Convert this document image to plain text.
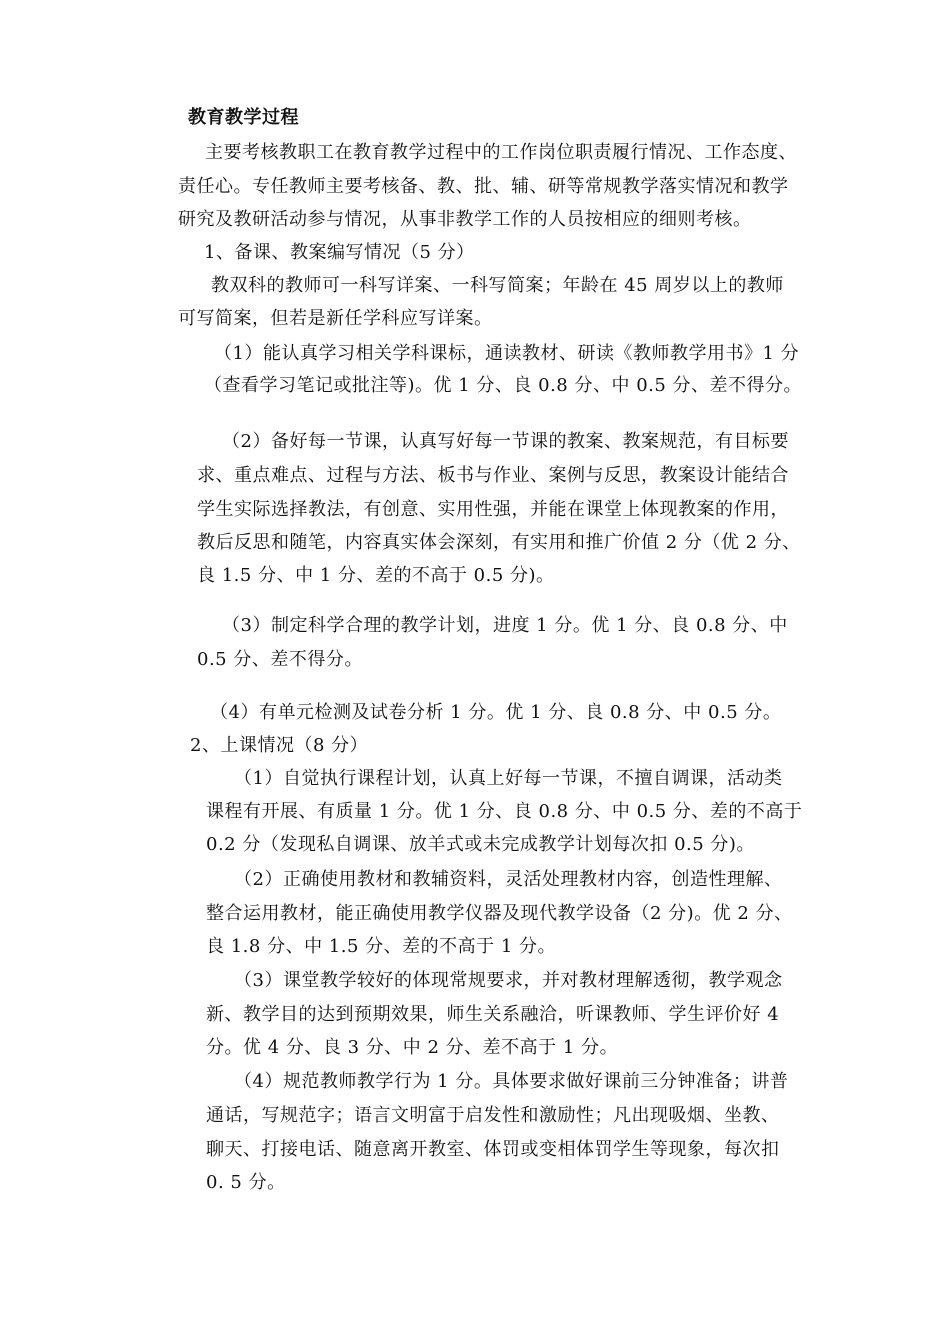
教育教学过程
主要考核教职工在教育教学过程中的工作岗位职责履行情况、工作态度、
责任心。专任教师主要考核备、教、批、辅、研等常规教学落实情况和教学
研究及教研活动参与情况，从事非教学工作的人员按相应的细则考核。
1、备课、教案编写情况（5 分）
教双科的教师可一科写详案、一科写简案；年龄在 45 周岁以上的教师
可写简案，但若是新任学科应写详案。
（1）能认真学习相关学科课标，通读教材、研读《教师教学用书》1 分
（查看学习笔记或批注等)。优 1 分、良 0.8 分、中 0.5 分、差不得分。
（2）备好每一节课，认真写好每一节课的教案、教案规范，有目标要
求、重点难点、过程与方法、板书与作业、案例与反思，教案设计能结合
学生实际选择教法，有创意、实用性强，并能在课堂上体现教案的作用，
教后反思和随笔，内容真实体会深刻，有实用和推广价值 2 分（优 2 分、
良 1.5 分、中 1 分、差的不高于 0.5 分)。
（3）制定科学合理的教学计划，进度 1 分。优 1 分、良 0.8 分、中
0.5 分、差不得分。
（4）有单元检测及试卷分析 1 分。优 1 分、良 0.8 分、中 0.5 分。
2、上课情况（8 分）
（1）自觉执行课程计划，认真上好每一节课，不擅自调课，活动类
课程有开展、有质量 1 分。优 1 分、良 0.8 分、中 0.5 分、差的不高于
0.2 分（发现私自调课、放羊式或未完成教学计划每次扣 0.5 分)。
（2）正确使用教材和教辅资料，灵活处理教材内容，创造性理解、
整合运用教材，能正确使用教学仪器及现代教学设备（2 分)。优 2 分、
良 1.8 分、中 1.5 分、差的不高于 1 分。
（3）课堂教学较好的体现常规要求，并对教材理解透彻，教学观念
新、教学目的达到预期效果，师生关系融洽，听课教师、学生评价好 4
分。优 4 分、良 3 分、中 2 分、差不高于 1 分。
（4）规范教师教学行为 1 分。具体要求做好课前三分钟准备；讲普
通话，写规范字；语言文明富于启发性和激励性；凡出现吸烟、坐教、
聊天、打接电话、随意离开教室、体罚或变相体罚学生等现象，每次扣
0. 5 分。
